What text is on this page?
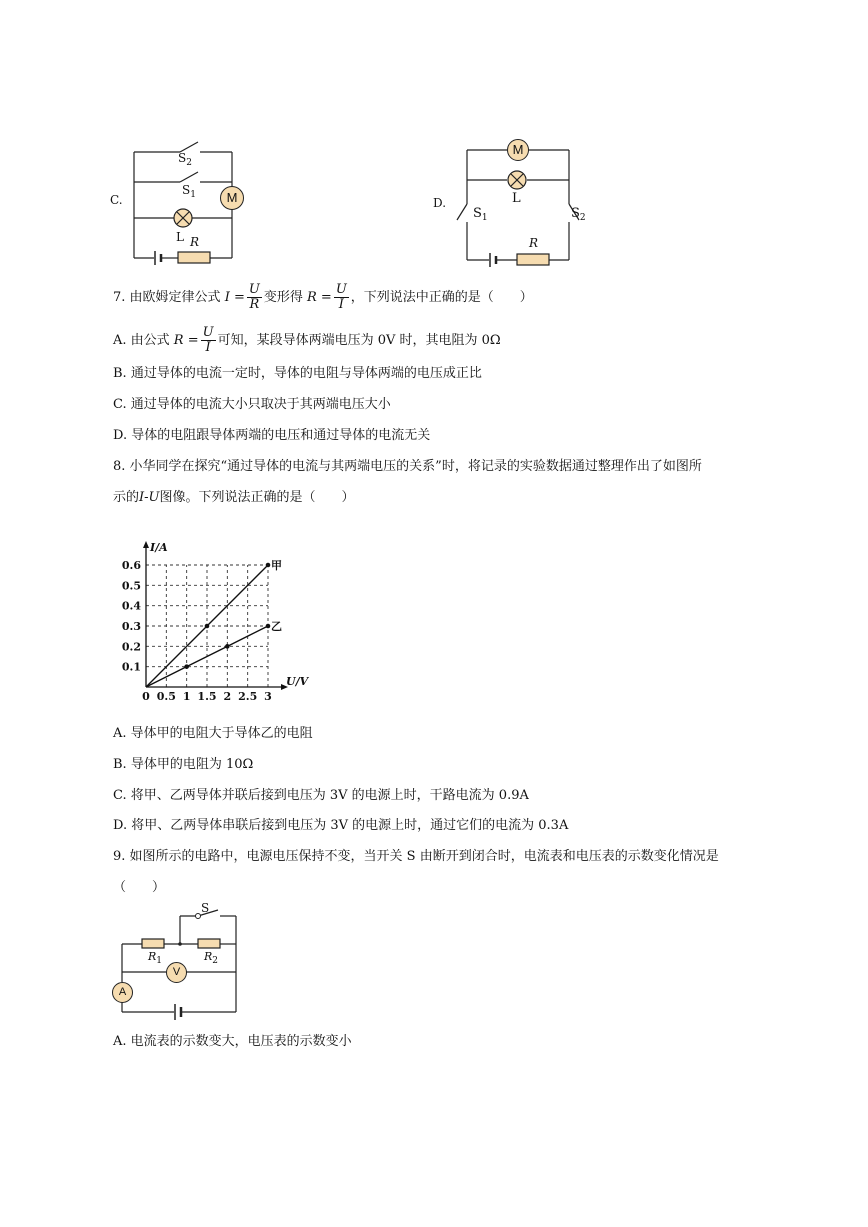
M
C.
$S_2$
$S_1$
L R
M
D.	L
$S_1$	$S_2$
R
7. 由欧姆定律公式 $I = \frac{U}{R}$ 变形得 $R = \frac{U}{I}$ ，下列说法中正确的是（　　）
A. 由公式 $R = \frac{U}{I}$ 可知，某段导体两端电压为 0V 时，其电阻为 0Ω
B. 通过导体的电流一定时，导体的电阻与导体两端的电压成正比
C. 通过导体的电流大小只取决于其两端电压大小
D. 导体的电阻跟导体两端的电压和通过导体的电流无关
8. 小华同学在探究“通过导体的电流与其两端电压的关系”时，将记录的实验数据通过整理作出了如图所
示的I-U图像。下列说法正确的是（　　）
0.5 1 1.5 2 2.5 3
0.1
0.2
0.3
0.4
0.5
0.6
0
I/A
U/V
甲
乙
A. 导体甲的电阻大于导体乙的电阻
B. 导体甲的电阻为 10Ω
C. 将甲、乙两导体并联后接到电压为 3V 的电源上时，干路电流为 0.9A
D. 将甲、乙两导体串联后接到电压为 3V 的电源上时，通过它们的电流为 0.3A
9. 如图所示的电路中，电源电压保持不变，当开关 S 由断开到闭合时，电流表和电压表的示数变化情况是
（　　）
V
A
S
$R_1$	$R_2$
A. 电流表的示数变大，电压表的示数变小
